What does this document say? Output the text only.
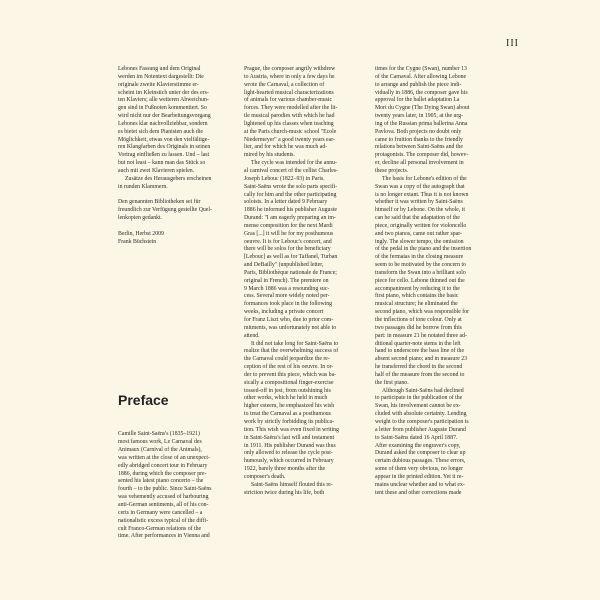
III

Lebones Fassung und dem Original

werden im Notentext dargestellt: Die

originale zweite Klavierstimme er-

scheint im Kleinstich unter der des ers-

ten Klaviers; alle weiteren Abweichun-

gen sind in Fußnoten kommentiert. So

wird nicht nur der Bearbeitungsvorgang

Lebones klar nachvollziehbar, sondern

es bietet sich dem Pianisten auch die

Möglichkeit, etwas von den vielfältige-

ren Klangfarben des Originals in seinen

Vortrag einfließen zu lassen. Und – last

but not least – kann man das Stück so

auch mit zwei Klavieren spielen.

Zusätze des Herausgebers erscheinen

in runden Klammern.

Den genannten Bibliotheken sei für

freundlich zur Verfügung gestellte Quel-

lenkopien gedankt.

Berlin, Herbst 2009

Frank Büchstein

Preface

Camille Saint-Saëns's (1835–1921)

most famous work, Le Carnaval des

Animaux (Carnival of the Animals),

was written at the close of an unexpect-

edly abridged concert tour in February

1886, during which the composer pre-

sented his latest piano concerto – the

fourth – to the public. Since Saint-Saëns

was vehemently accused of harbouring

anti-German sentiments, all of his con-

certs in Germany were cancelled – a

nationalistic excess typical of the diffi-

cult Franco-German relations of the

time. After performances in Vienna and

Prague, the composer angrily withdrew

to Austria, where in only a few days he

wrote the Carnaval, a collection of

light-hearted musical characterizations

of animals for various chamber-music

forces. They were modelled after the lit-

tle musical parodies with which he had

lightened up his classes when teaching

at the Paris church-music school "Ecole

Niedermeyer" a good twenty years ear-

lier, and for which he was much ad-

mired by his students.

The cycle was intended for the annu-

al carnival concert of the cellist Charles-

Joseph Lebouc (1822–93) in Paris.

Saint-Saëns wrote the solo parts specifi-

cally for him and the other participating

soloists. In a letter dated 9 February

1886 he informed his publisher Auguste

Durand: "I am eagerly preparing an im-

mense composition for the next Mardi

Gras [...] it will be for my posthumous

oeuvre. It is for Lebouc's concert, and

there will be solos for the beneficiary

[Lebouc] as well as for Taffanel, Turban

and DeBailly" (unpublished letter,

Paris, Bibliothèque nationale de France;

original in French). The premiere on

9 March 1886 was a resounding suc-

cess. Several more widely noted per-

formances took place in the following

weeks, including a private concert

for Franz Liszt who, due to prior com-

mitments, was unfortunately not able to

attend.

It did not take long for Saint-Saëns to

realize that the overwhelming success of

the Carnaval could jeopardize the re-

ception of the rest of his oeuvre. In or-

der to prevent this piece, which was ba-

sically a compositional finger-exercise

tossed-off in jest, from outshining his

other works, which he held in much

higher esteem, he emphasized his wish

to treat the Carnaval as a posthumous

work by strictly forbidding its publica-

tion. This wish was even fixed in writing

in Saint-Saëns's last will and testament

in 1911. His publisher Durand was thus

only allowed to release the cycle post-

humously, which occurred in February

1922, barely three months after the

composer's death.

Saint-Saëns himself flouted this re-

striction twice during his life, both

times for the Cygne (Swan), number 13

of the Carnaval. After allowing Lebone

to arrange and publish the piece indi-

vidually in 1886, the composer gave his

approval for the ballet adaptation La

Mort du Cygne (The Dying Swan) about

twenty years later, in 1905, at the urg-

ing of the Russian prima ballerina Anna

Pavlova. Both projects no doubt only

came to fruition thanks to the friendly

relations between Saint-Saëns and the

protagonists. The composer did, howev-

er, decline all personal involvement in

these projects.

The basis for Lebone's edition of the

Swan was a copy of the autograph that

is no longer extant. Thus it is not known

whether it was written by Saint-Saëns

himself or by Lebone. On the whole, it

can be said that the adaptation of the

piece, originally written for violoncello

and two pianos, came out rather spar-

ingly. The slower tempo, the omission

of the pedal in the piano and the insertion

of the fermatas in the closing measure

seem to be motivated by the concern to

transform the Swan into a brilliant solo

piece for cello. Lebone thinned out the

accompaniment by reducing it to the

first piano, which contains the basic

musical structure; he eliminated the

second piano, which was responsible for

the inflections of tone colour. Only at

two passages did he borrow from this

part: in measure 21 he notated three ad-

ditional quarter-note stems in the left

hand to underscore the bass line of the

absent second piano; and in measure 23

he transferred the chord in the second

half of the measure from the second to

the first piano.

Although Saint-Saëns had declined

to participate in the publication of the

Swan, his involvement cannot be ex-

cluded with absolute certainty. Lending

weight to the composer's participation is

a letter from publisher Auguste Durand

to Saint-Saëns dated 16 April 1887.

After examining the engraver's copy,

Durand asked the composer to clear up

certain dubious passages. These errors,

some of them very obvious, no longer

appear in the printed edition. Yet it re-

mains unclear whether and to what ex-

tent these and other corrections made
